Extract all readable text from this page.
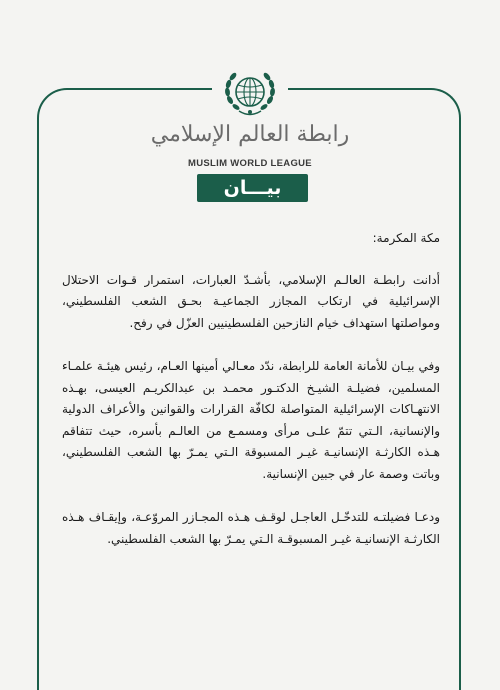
رابطة العالم الإسلامي
MUSLIM WORLD LEAGUE
بيـــان

مكة المكرمة:

أدانت رابطـة العالـم الإسلامي، بأشـدّ العبارات، استمرار قـوات الاحتلال الإسرائيلية في ارتكاب المجازر الجماعيـة بحـق الشعب الفلسطيني، ومواصلتها استهداف خيام النازحين الفلسطينيين العزّل في رفح.

وفي بيـان للأمانة العامة للرابطة، ندّد معـالي أمينها العـام، رئيس هيئـة علمـاء المسلمين، فضيلـة الشيـخ الدكتـور محمـد بن عبدالكريـم العيسى، بهـذه الانتهـاكات الإسرائيلية المتواصلة لكافّة القرارات والقوانين والأعراف الدولية والإنسانية، الـتي تتمّ علـى مرأى ومسمـع من العالـم بأسره، حيث تتفاقم هـذه الكارثـة الإنسانيـة غيـر المسبوقة الـتي يمـرّ بها الشعب الفلسطيني، وباتت وصمة عار في جبين الإنسانية.

ودعـا فضيلتـه للتدخّـل العاجـل لوقـف هـذه المجـازر المروّعـة، وإيقـاف هـذه الكارثـة الإنسانيـة غيـر المسبوقـة الـتي يمـرّ بها الشعب الفلسطيني.
